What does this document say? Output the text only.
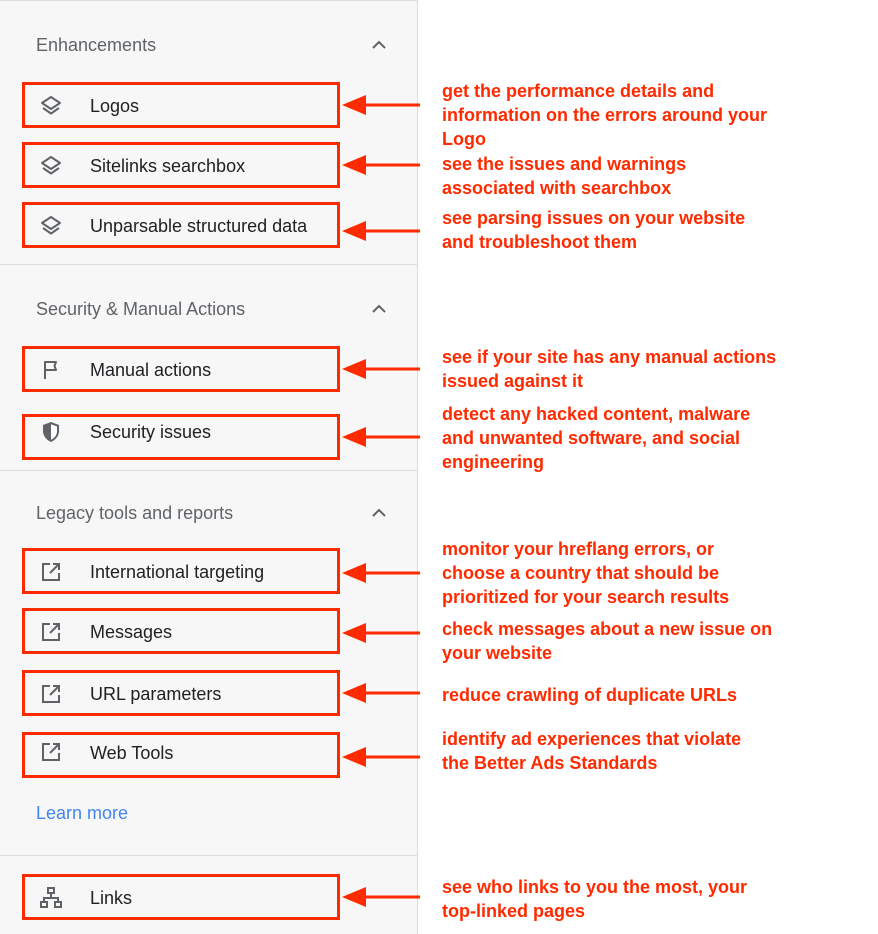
Enhancements
Logos
Sitelinks searchbox
Unparsable structured data
Security & Manual Actions
Manual actions
Security issues
Legacy tools and reports
International targeting
Messages
URL parameters
Web Tools
Learn more
Links
get the performance details and
information on the errors around your
Logo
see the issues and warnings
associated with searchbox
see parsing issues on your website
and troubleshoot them
see if your site has any manual actions
issued against it
detect any hacked content, malware
and unwanted software, and social
engineering
monitor your hreflang errors, or
choose a country that should be
prioritized for your search results
check messages about a new issue on
your website
reduce crawling of duplicate URLs
identify ad experiences that violate
the Better Ads Standards
see who links to you the most, your
top-linked pages
